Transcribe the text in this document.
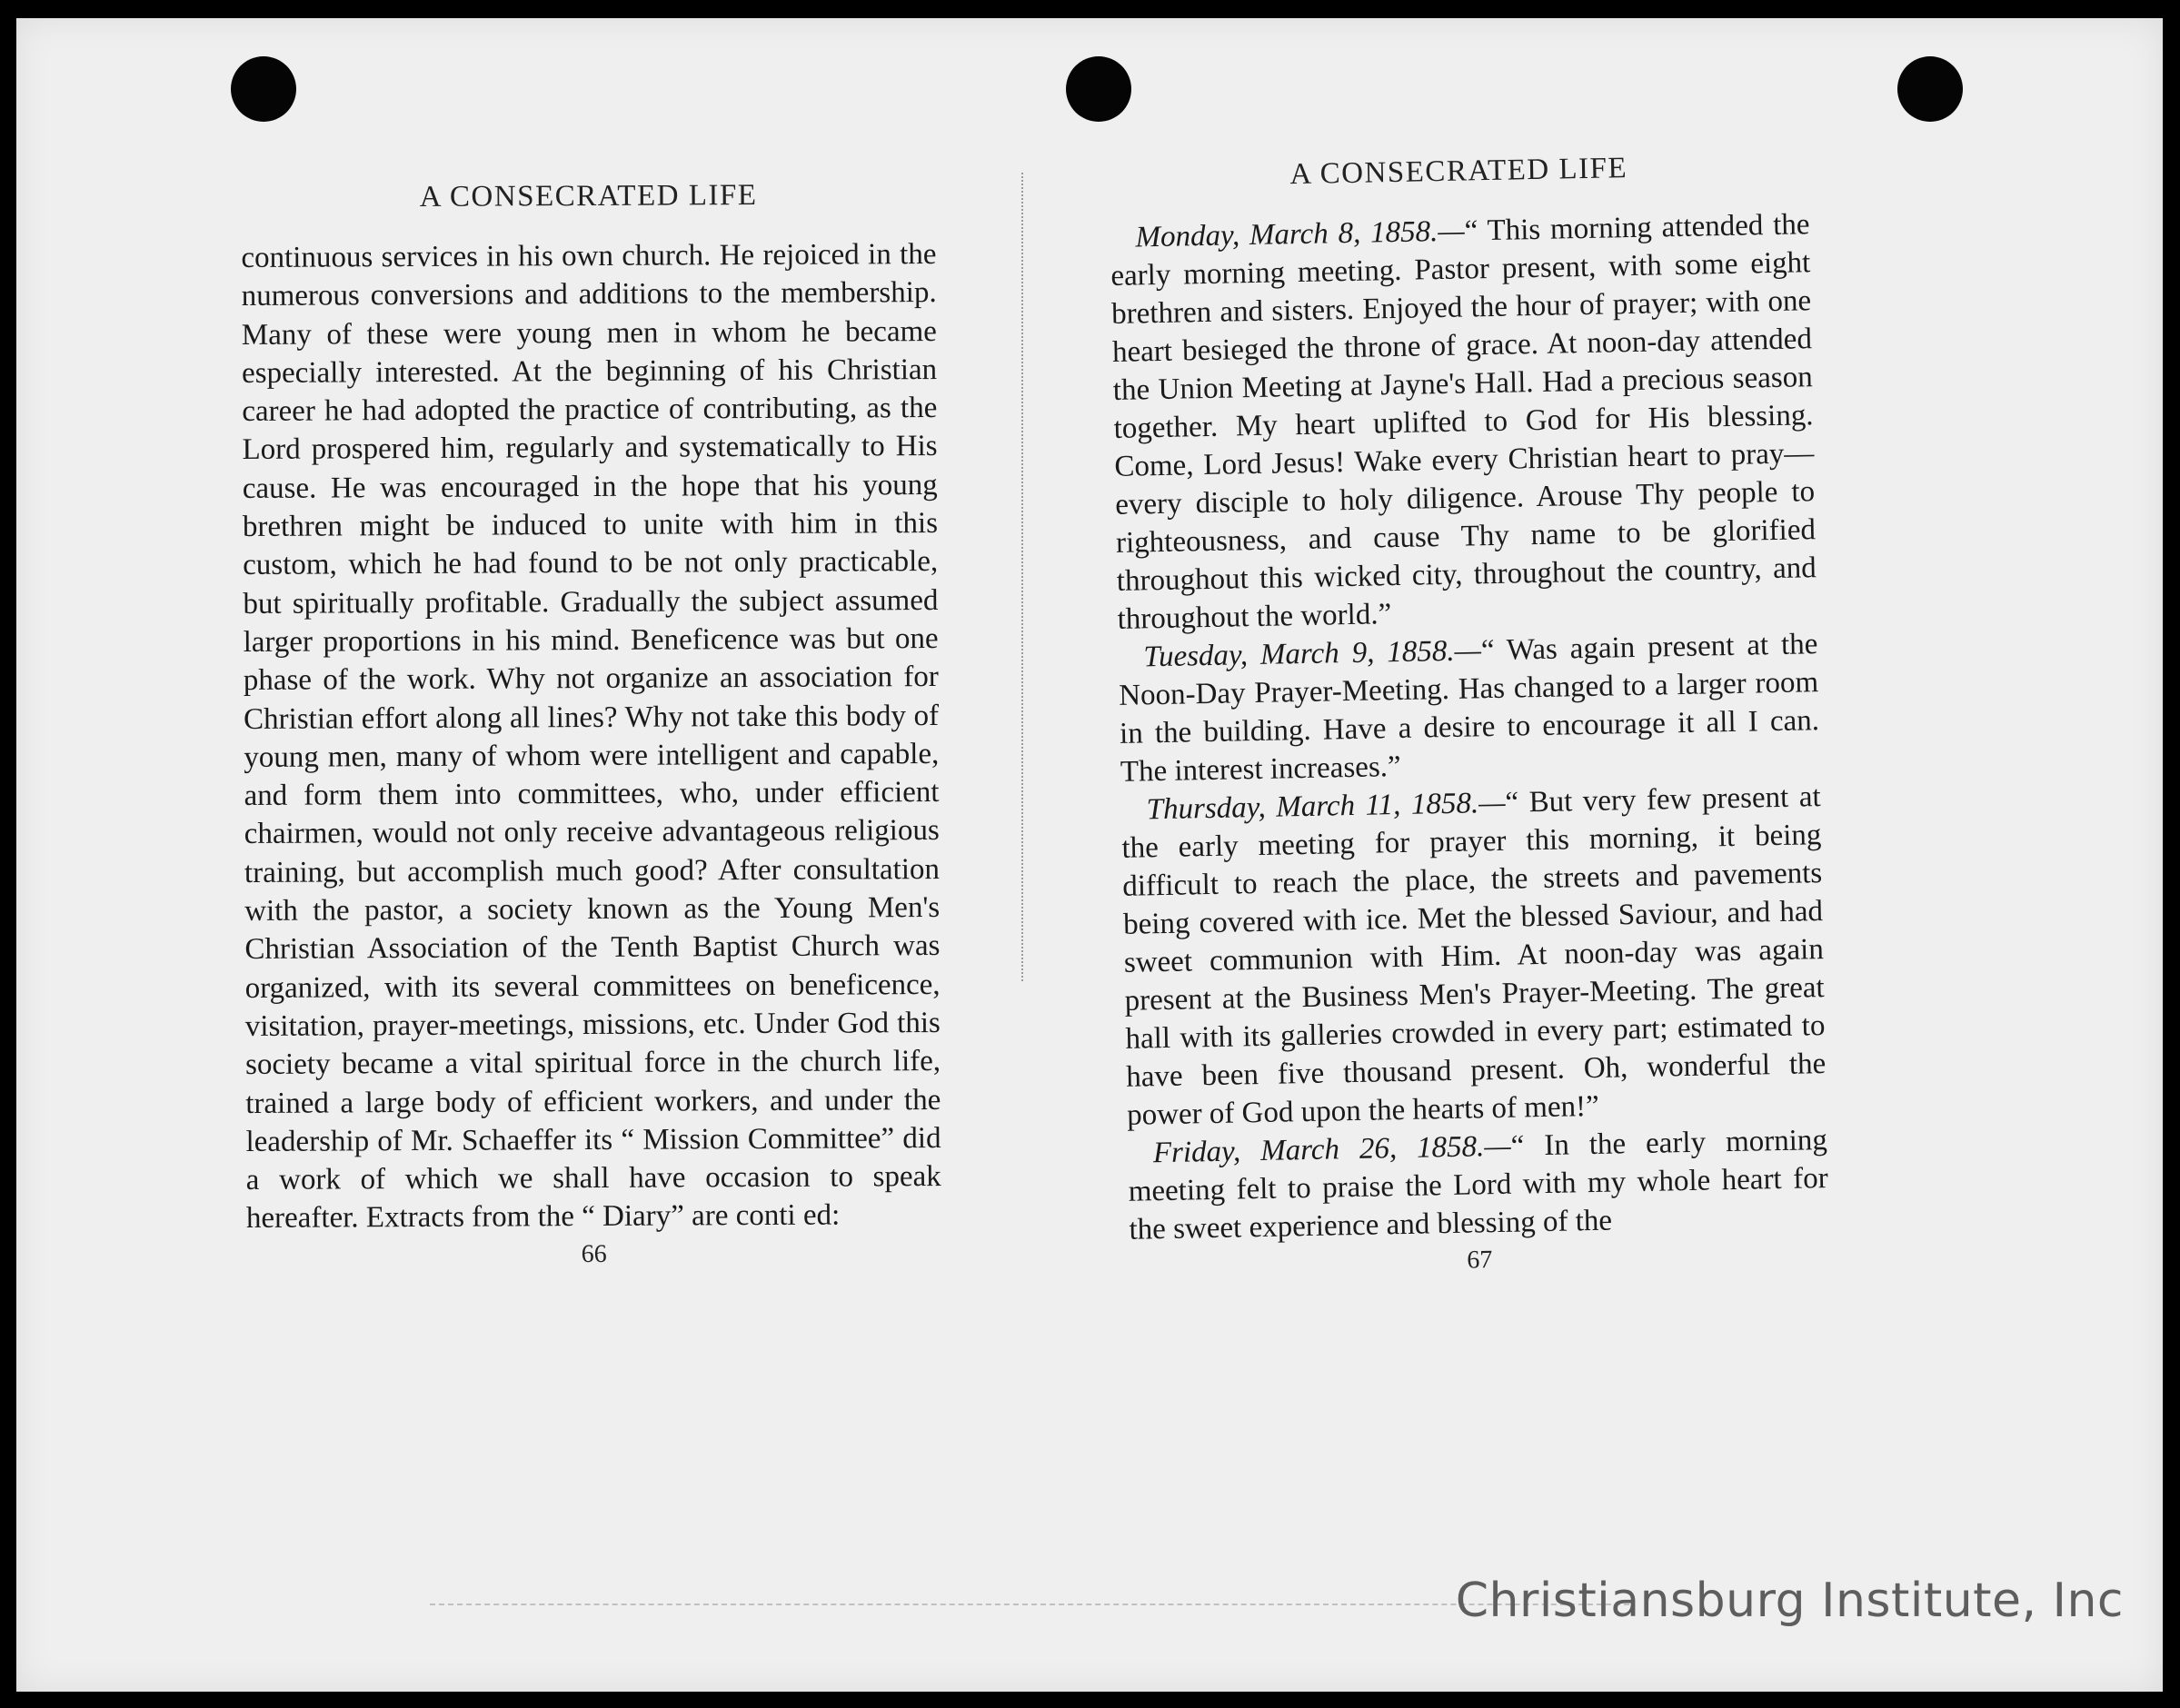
A CONSECRATED LIFE

continuous services in his own church. He rejoiced in the numerous conversions and additions to the membership. Many of these were young men in whom he became especially interested. At the beginning of his Christian career he had adopted the practice of contributing, as the Lord prospered him, regularly and systematically to His cause. He was encouraged in the hope that his young brethren might be induced to unite with him in this custom, which he had found to be not only practicable, but spiritually profitable. Gradually the subject assumed larger proportions in his mind. Beneficence was but one phase of the work. Why not organize an association for Christian effort along all lines? Why not take this body of young men, many of whom were intelligent and capable, and form them into committees, who, under efficient chairmen, would not only receive advantageous religious training, but accomplish much good? After consultation with the pastor, a society known as the Young Men's Christian Association of the Tenth Baptist Church was organized, with its several committees on beneficence, visitation, prayer-meetings, missions, etc. Under God this society became a vital spiritual force in the church life, trained a large body of efficient workers, and under the leadership of Mr. Schaeffer its “ Mission Committee” did a work of which we shall have occasion to speak hereafter. Extracts from the “ Diary” are conti ed:

66
A CONSECRATED LIFE

Monday, March 8, 1858.—“ This morning attended the early morning meeting. Pastor present, with some eight brethren and sisters. Enjoyed the hour of prayer; with one heart besieged the throne of grace. At noon-day attended the Union Meeting at Jayne's Hall. Had a precious season together. My heart uplifted to God for His blessing. Come, Lord Jesus! Wake every Christian heart to pray—every disciple to holy diligence. Arouse Thy people to righteousness, and cause Thy name to be glorified throughout this wicked city, throughout the country, and throughout the world.”

Tuesday, March 9, 1858.—“ Was again present at the Noon-Day Prayer-Meeting. Has changed to a larger room in the building. Have a desire to encourage it all I can. The interest increases.”

Thursday, March 11, 1858.—“ But very few present at the early meeting for prayer this morning, it being difficult to reach the place, the streets and pavements being covered with ice. Met the blessed Saviour, and had sweet communion with Him. At noon-day was again present at the Business Men's Prayer-Meeting. The great hall with its galleries crowded in every part; estimated to have been five thousand present. Oh, wonderful the power of God upon the hearts of men!”

Friday, March 26, 1858.—“ In the early morning meeting felt to praise the Lord with my whole heart for the sweet experience and blessing of the

67
Christiansburg Institute, Inc
